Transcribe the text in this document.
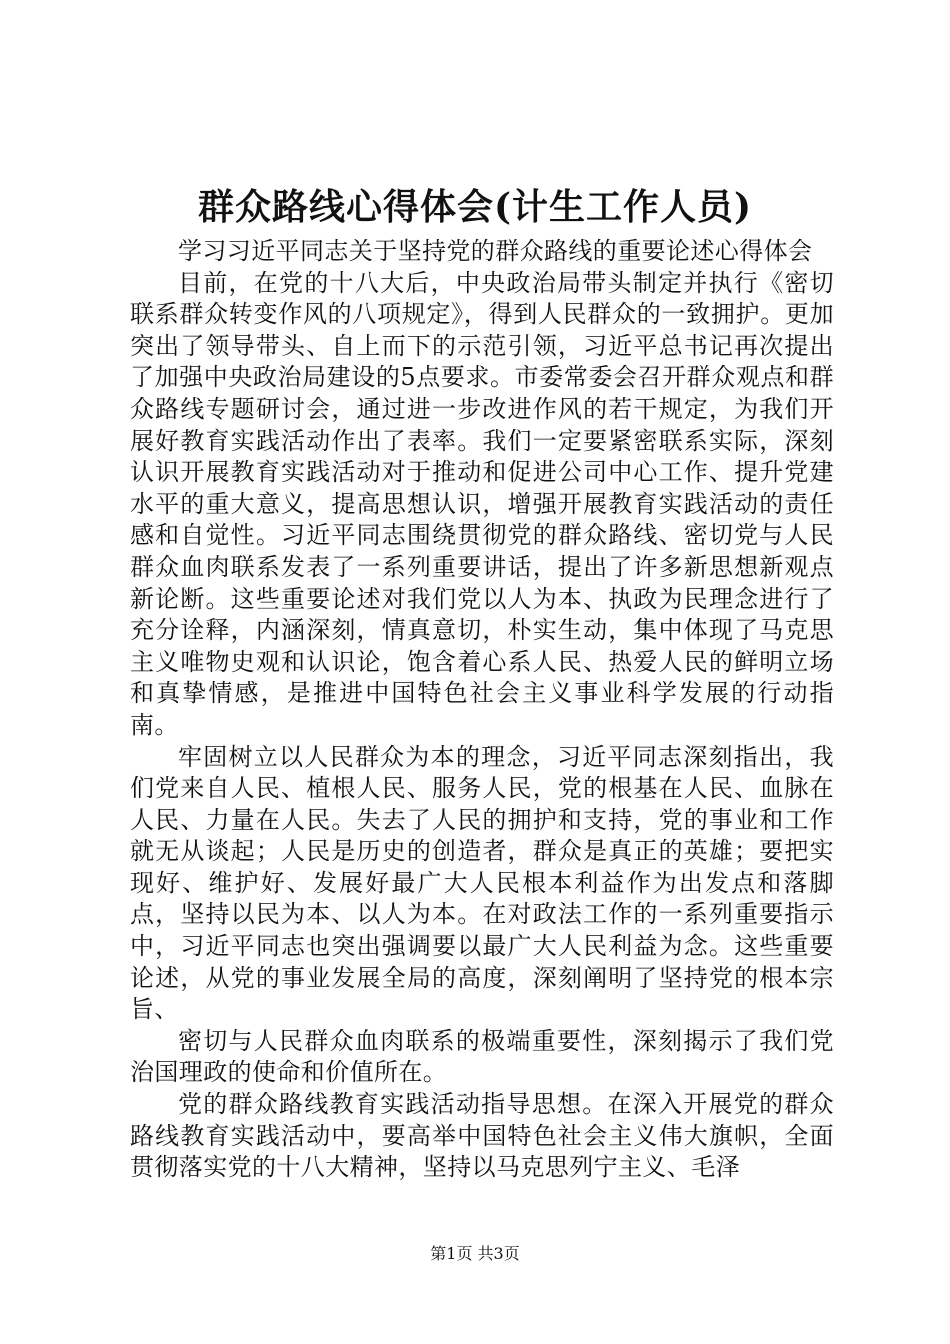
群众路线心得体会(计生工作人员)

学习习近平同志关于坚持党的群众路线的重要论述心得体会

目前，在党的十八大后，中央政治局带头制定并执行《密切联系群众转变作风的八项规定》，得到人民群众的一致拥护。更加突出了领导带头、自上而下的示范引领，习近平总书记再次提出了加强中央政治局建设的5点要求。市委常委会召开群众观点和群众路线专题研讨会，通过进一步改进作风的若干规定，为我们开展好教育实践活动作出了表率。我们一定要紧密联系实际，深刻认识开展教育实践活动对于推动和促进公司中心工作、提升党建水平的重大意义，提高思想认识，增强开展教育实践活动的责任感和自觉性。习近平同志围绕贯彻党的群众路线、密切党与人民群众血肉联系发表了一系列重要讲话，提出了许多新思想新观点新论断。这些重要论述对我们党以人为本、执政为民理念进行了充分诠释，内涵深刻，情真意切，朴实生动，集中体现了马克思主义唯物史观和认识论，饱含着心系人民、热爱人民的鲜明立场和真挚情感，是推进中国特色社会主义事业科学发展的行动指南。

牢固树立以人民群众为本的理念，习近平同志深刻指出，我们党来自人民、植根人民、服务人民，党的根基在人民、血脉在人民、力量在人民。失去了人民的拥护和支持，党的事业和工作就无从谈起；人民是历史的创造者，群众是真正的英雄；要把实现好、维护好、发展好最广大人民根本利益作为出发点和落脚点，坚持以民为本、以人为本。在对政法工作的一系列重要指示中，习近平同志也突出强调要以最广大人民利益为念。这些重要论述，从党的事业发展全局的高度，深刻阐明了坚持党的根本宗旨、

密切与人民群众血肉联系的极端重要性，深刻揭示了我们党治国理政的使命和价值所在。

党的群众路线教育实践活动指导思想。在深入开展党的群众路线教育实践活动中，要高举中国特色社会主义伟大旗帜，全面贯彻落实党的十八大精神，坚持以马克思列宁主义、毛泽

第1页 共3页
